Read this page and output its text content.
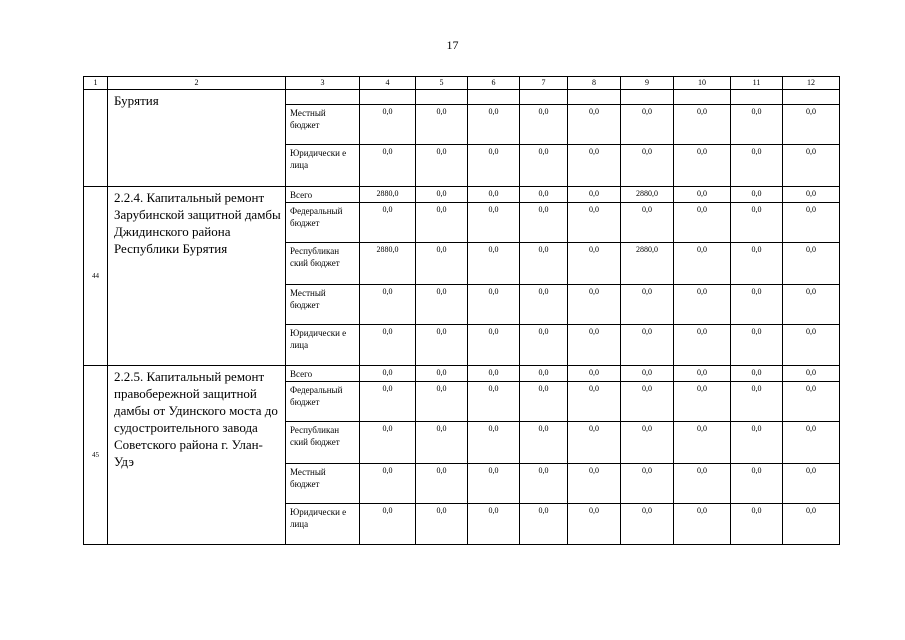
17
1	2	3	4	5	6	7	8	9	10	11	12
	Бурятия										
		Местный бюджет	0,0	0,0	0,0	0,0	0,0	0,0	0,0	0,0	0,0
		Юридически е лица	0,0	0,0	0,0	0,0	0,0	0,0	0,0	0,0	0,0
44	2.2.4. Капитальный ремонт Зарубинской защитной дамбы Джидинского района Республики Бурятия	Всего	2880,0	0,0	0,0	0,0	0,0	2880,0	0,0	0,0	0,0
		Федеральный бюджет	0,0	0,0	0,0	0,0	0,0	0,0	0,0	0,0	0,0
		Республикан ский бюджет	2880,0	0,0	0,0	0,0	0,0	2880,0	0,0	0,0	0,0
		Местный бюджет	0,0	0,0	0,0	0,0	0,0	0,0	0,0	0,0	0,0
		Юридически е лица	0,0	0,0	0,0	0,0	0,0	0,0	0,0	0,0	0,0
45	2.2.5. Капитальный ремонт правобережной защитной дамбы от Удинского моста до судостроительного завода Советского района г. Улан-Удэ	Всего	0,0	0,0	0,0	0,0	0,0	0,0	0,0	0,0	0,0
		Федеральный бюджет	0,0	0,0	0,0	0,0	0,0	0,0	0,0	0,0	0,0
		Республикан ский бюджет	0,0	0,0	0,0	0,0	0,0	0,0	0,0	0,0	0,0
		Местный бюджет	0,0	0,0	0,0	0,0	0,0	0,0	0,0	0,0	0,0
		Юридически е лица	0,0	0,0	0,0	0,0	0,0	0,0	0,0	0,0	0,0
